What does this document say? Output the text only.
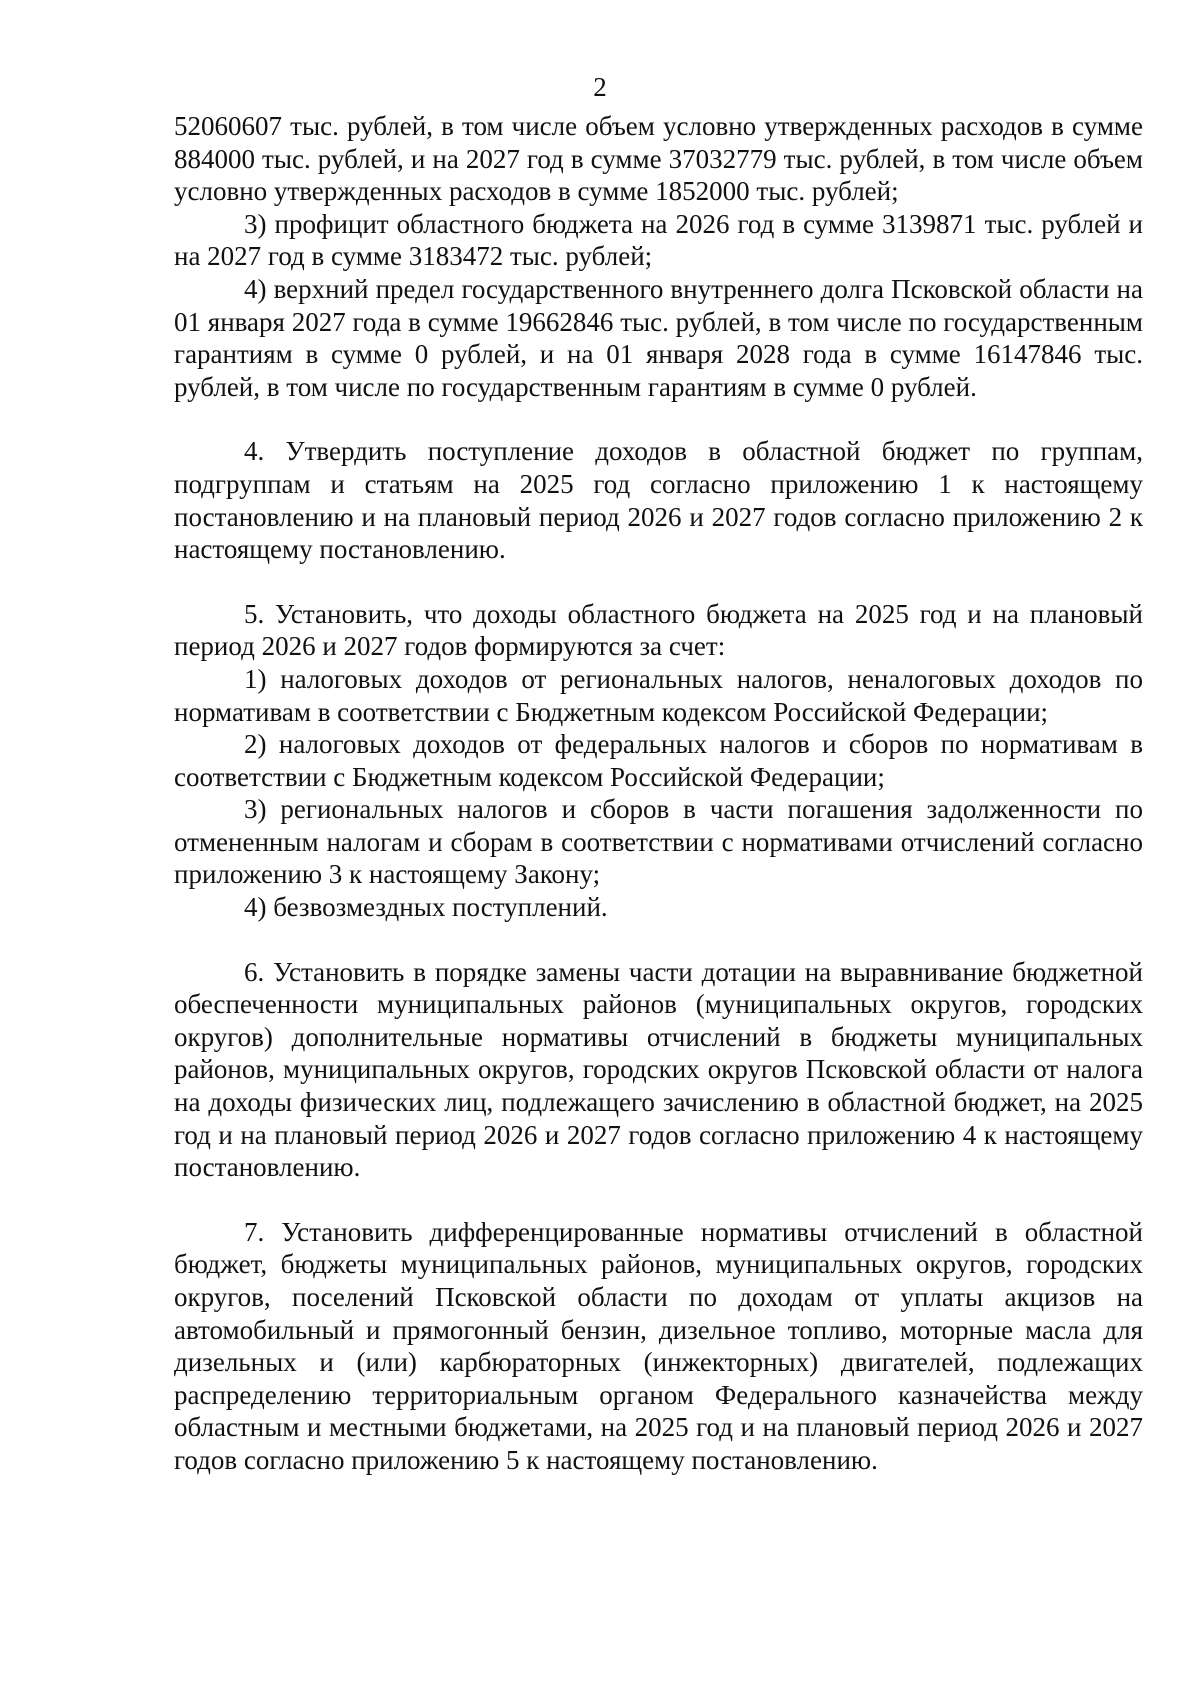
2

52060607 тыс. рублей, в том числе объем условно утвержденных расходов в сумме 884000 тыс. рублей, и на 2027 год в сумме 37032779 тыс. рублей, в том числе объем условно утвержденных расходов в сумме 1852000 тыс. рублей;

3) профицит областного бюджета на 2026 год в сумме 3139871 тыс. рублей и на 2027 год в сумме 3183472 тыс. рублей;

4) верхний предел государственного внутреннего долга Псковской области на 01 января 2027 года в сумме 19662846 тыс. рублей, в том числе по государственным гарантиям в сумме 0 рублей, и на 01 января 2028 года в сумме 16147846 тыс. рублей, в том числе по государственным гарантиям в сумме 0 рублей.

4. Утвердить поступление доходов в областной бюджет по группам, подгруппам и статьям на 2025 год согласно приложению 1 к настоящему постановлению и на плановый период 2026 и 2027 годов согласно приложению 2 к настоящему постановлению.

5. Установить, что доходы областного бюджета на 2025 год и на плановый период 2026 и 2027 годов формируются за счет:

1) налоговых доходов от региональных налогов, неналоговых доходов по нормативам в соответствии с Бюджетным кодексом Российской Федерации;

2) налоговых доходов от федеральных налогов и сборов по нормативам в соответствии с Бюджетным кодексом Российской Федерации;

3) региональных налогов и сборов в части погашения задолженности по отмененным налогам и сборам в соответствии с нормативами отчислений согласно приложению 3 к настоящему Закону;

4) безвозмездных поступлений.

6. Установить в порядке замены части дотации на выравнивание бюджетной обеспеченности муниципальных районов (муниципальных округов, городских округов) дополнительные нормативы отчислений в бюджеты муниципальных районов, муниципальных округов, городских округов Псковской области от налога на доходы физических лиц, подлежащего зачислению в областной бюджет, на 2025 год и на плановый период 2026 и 2027 годов согласно приложению 4 к настоящему постановлению.

7. Установить дифференцированные нормативы отчислений в областной бюджет, бюджеты муниципальных районов, муниципальных округов, городских округов, поселений Псковской области по доходам от уплаты акцизов на автомобильный и прямогонный бензин, дизельное топливо, моторные масла для дизельных и (или) карбюраторных (инжекторных) двигателей, подлежащих распределению территориальным органом Федерального казначейства между областным и местными бюджетами, на 2025 год и на плановый период 2026 и 2027 годов согласно приложению 5 к настоящему постановлению.
